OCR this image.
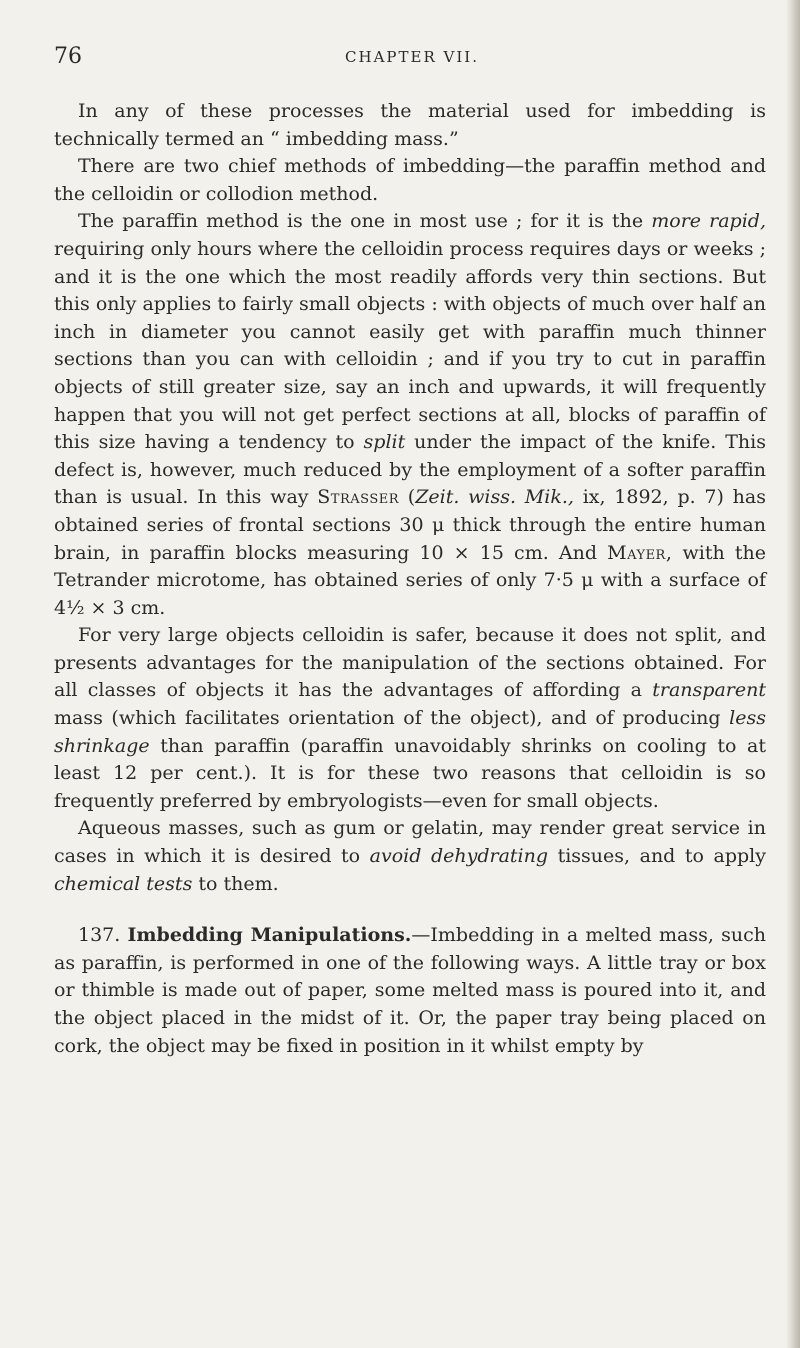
76	CHAPTER VII.

In any of these processes the material used for imbedding is technically termed an “ imbedding mass.”

There are two chief methods of imbedding—the paraffin method and the celloidin or collodion method.

The paraffin method is the one in most use ; for it is the more rapid, requiring only hours where the celloidin process requires days or weeks ; and it is the one which the most readily affords very thin sections. But this only applies to fairly small objects : with objects of much over half an inch in diameter you cannot easily get with paraffin much thinner sections than you can with celloidin ; and if you try to cut in paraffin objects of still greater size, say an inch and upwards, it will frequently happen that you will not get perfect sections at all, blocks of paraffin of this size having a tendency to split under the impact of the knife. This defect is, however, much reduced by the employment of a softer paraffin than is usual. In this way Strasser (Zeit. wiss. Mik., ix, 1892, p. 7) has obtained series of frontal sections 30 μ thick through the entire human brain, in paraffin blocks measuring 10 × 15 cm. And Mayer, with the Tetrander microtome, has obtained series of only 7·5 μ with a surface of 4½ × 3 cm.

For very large objects celloidin is safer, because it does not split, and presents advantages for the manipulation of the sections obtained. For all classes of objects it has the advantages of affording a transparent mass (which facilitates orientation of the object), and of producing less shrinkage than paraffin (paraffin unavoidably shrinks on cooling to at least 12 per cent.). It is for these two reasons that celloidin is so frequently preferred by embryologists—even for small objects.

Aqueous masses, such as gum or gelatin, may render great service in cases in which it is desired to avoid dehydrating tissues, and to apply chemical tests to them.

137. Imbedding Manipulations.—Imbedding in a melted mass, such as paraffin, is performed in one of the following ways. A little tray or box or thimble is made out of paper, some melted mass is poured into it, and the object placed in the midst of it. Or, the paper tray being placed on cork, the object may be fixed in position in it whilst empty by
